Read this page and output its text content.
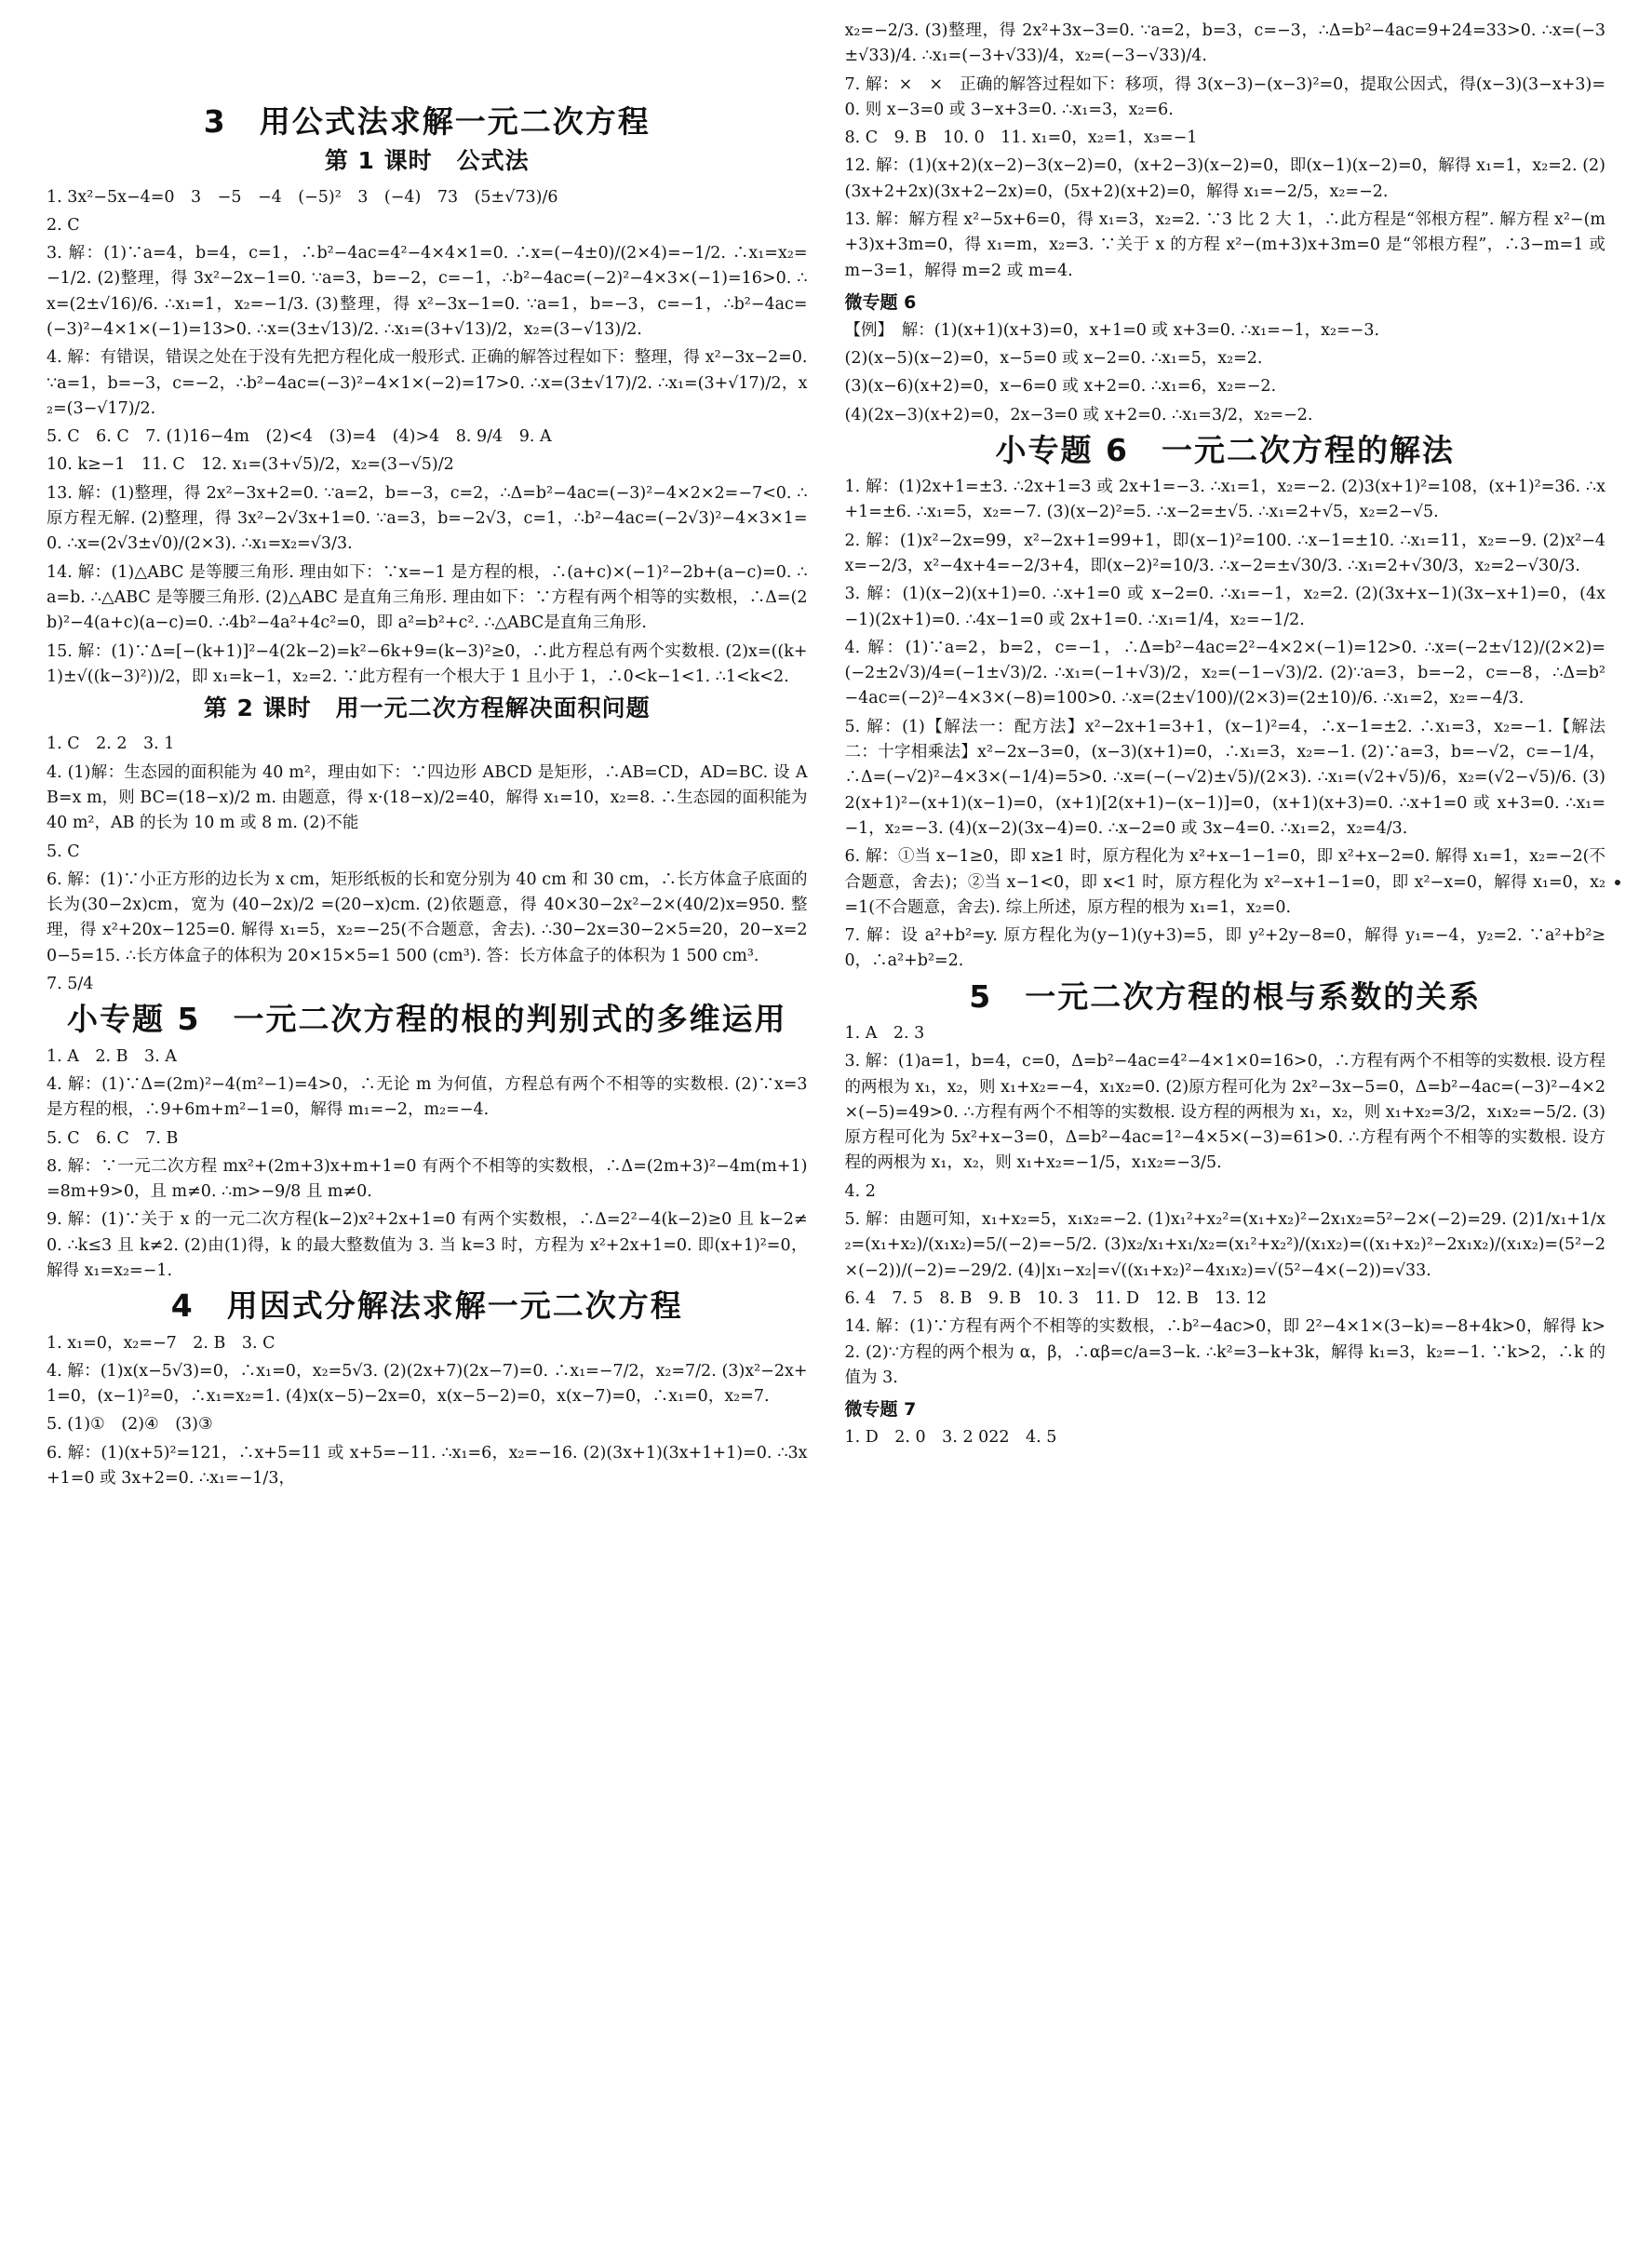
3　用公式法求解一元二次方程
第 1 课时　公式法

1. 3x²−5x−4=0　3　−5　−4　(−5)²　3　(−4)　73　(5±√73)/6

2. C

3. 解：(1)∵a=4，b=4，c=1，∴b²−4ac=4²−4×4×1=0. ∴x=(−4±0)/(2×4)=−1/2. ∴x₁=x₂=−1/2. (2)整理，得 3x²−2x−1=0. ∵a=3，b=−2，c=−1，∴b²−4ac=(−2)²−4×3×(−1)=16>0. ∴x=(2±√16)/6. ∴x₁=1，x₂=−1/3. (3)整理，得 x²−3x−1=0. ∵a=1，b=−3，c=−1，∴b²−4ac=(−3)²−4×1×(−1)=13>0. ∴x=(3±√13)/2. ∴x₁=(3+√13)/2，x₂=(3−√13)/2.

4. 解：有错误，错误之处在于没有先把方程化成一般形式. 正确的解答过程如下：整理，得 x²−3x−2=0. ∵a=1，b=−3，c=−2，∴b²−4ac=(−3)²−4×1×(−2)=17>0. ∴x=(3±√17)/2. ∴x₁=(3+√17)/2，x₂=(3−√17)/2.

5. C　6. C　7. (1)16−4m　(2)<4　(3)=4　(4)>4　8. 9/4　9. A

10. k≥−1　11. C　12. x₁=(3+√5)/2，x₂=(3−√5)/2

13. 解：(1)整理，得 2x²−3x+2=0. ∵a=2，b=−3，c=2，∴Δ=b²−4ac=(−3)²−4×2×2=−7<0. ∴原方程无解. (2)整理，得 3x²−2√3x+1=0. ∵a=3，b=−2√3，c=1，∴b²−4ac=(−2√3)²−4×3×1=0. ∴x=(2√3±√0)/(2×3). ∴x₁=x₂=√3/3.

14. 解：(1)△ABC 是等腰三角形. 理由如下：∵x=−1 是方程的根，∴(a+c)×(−1)²−2b+(a−c)=0. ∴a=b. ∴△ABC 是等腰三角形. (2)△ABC 是直角三角形. 理由如下：∵方程有两个相等的实数根，∴Δ=(2b)²−4(a+c)(a−c)=0. ∴4b²−4a²+4c²=0，即 a²=b²+c². ∴△ABC是直角三角形.

15. 解：(1)∵Δ=[−(k+1)]²−4(2k−2)=k²−6k+9=(k−3)²≥0，∴此方程总有两个实数根. (2)x=((k+1)±√((k−3)²))/2，即 x₁=k−1，x₂=2. ∵此方程有一个根大于 1 且小于 1，∴0<k−1<1. ∴1<k<2.

第 2 课时　用一元二次方程解决面积问题

1. C　2. 2　3. 1

4. (1)解：生态园的面积能为 40 m²，理由如下：∵四边形 ABCD 是矩形，∴AB=CD，AD=BC. 设 AB=x m，则 BC=(18−x)/2 m. 由题意，得 x·(18−x)/2=40，解得 x₁=10，x₂=8. ∴生态园的面积能为 40 m²，AB 的长为 10 m 或 8 m. (2)不能

5. C

6. 解：(1)∵小正方形的边长为 x cm，矩形纸板的长和宽分别为 40 cm 和 30 cm，∴长方体盒子底面的长为(30−2x)cm，宽为 (40−2x)/2 =(20−x)cm. (2)依题意，得 40×30−2x²−2×(40/2)x=950. 整理，得 x²+20x−125=0. 解得 x₁=5，x₂=−25(不合题意，舍去). ∴30−2x=30−2×5=20，20−x=20−5=15. ∴长方体盒子的体积为 20×15×5=1 500 (cm³). 答：长方体盒子的体积为 1 500 cm³.

7. 5/4

小专题 5　一元二次方程的根的判别式的多维运用

1. A　2. B　3. A

4. 解：(1)∵Δ=(2m)²−4(m²−1)=4>0，∴无论 m 为何值，方程总有两个不相等的实数根. (2)∵x=3 是方程的根，∴9+6m+m²−1=0，解得 m₁=−2，m₂=−4.

5. C　6. C　7. B

8. 解：∵一元二次方程 mx²+(2m+3)x+m+1=0 有两个不相等的实数根，∴Δ=(2m+3)²−4m(m+1)=8m+9>0，且 m≠0. ∴m>−9/8 且 m≠0.

9. 解：(1)∵关于 x 的一元二次方程(k−2)x²+2x+1=0 有两个实数根，∴Δ=2²−4(k−2)≥0 且 k−2≠0. ∴k≤3 且 k≠2. (2)由(1)得，k 的最大整数值为 3. 当 k=3 时，方程为 x²+2x+1=0. 即(x+1)²=0，解得 x₁=x₂=−1.

4　用因式分解法求解一元二次方程

1. x₁=0，x₂=−7　2. B　3. C

4. 解：(1)x(x−5√3)=0，∴x₁=0，x₂=5√3. (2)(2x+7)(2x−7)=0. ∴x₁=−7/2，x₂=7/2. (3)x²−2x+1=0，(x−1)²=0，∴x₁=x₂=1. (4)x(x−5)−2x=0，x(x−5−2)=0，x(x−7)=0，∴x₁=0，x₂=7.

5. (1)①　(2)④　(3)③

6. 解：(1)(x+5)²=121，∴x+5=11 或 x+5=−11. ∴x₁=6，x₂=−16. (2)(3x+1)(3x+1+1)=0. ∴3x+1=0 或 3x+2=0. ∴x₁=−1/3，

x₂=−2/3. (3)整理，得 2x²+3x−3=0. ∵a=2，b=3，c=−3，∴Δ=b²−4ac=9+24=33>0. ∴x=(−3±√33)/4. ∴x₁=(−3+√33)/4，x₂=(−3−√33)/4.

7. 解：×　×　正确的解答过程如下：移项，得 3(x−3)−(x−3)²=0，提取公因式，得(x−3)(3−x+3)=0. 则 x−3=0 或 3−x+3=0. ∴x₁=3，x₂=6.

8. C　9. B　10. 0　11. x₁=0，x₂=1，x₃=−1

12. 解：(1)(x+2)(x−2)−3(x−2)=0，(x+2−3)(x−2)=0，即(x−1)(x−2)=0，解得 x₁=1，x₂=2. (2)(3x+2+2x)(3x+2−2x)=0，(5x+2)(x+2)=0，解得 x₁=−2/5，x₂=−2.

13. 解：解方程 x²−5x+6=0，得 x₁=3，x₂=2. ∵3 比 2 大 1，∴此方程是“邻根方程”. 解方程 x²−(m+3)x+3m=0，得 x₁=m，x₂=3. ∵关于 x 的方程 x²−(m+3)x+3m=0 是“邻根方程”，∴3−m=1 或 m−3=1，解得 m=2 或 m=4.

微专题 6

【例】　解：(1)(x+1)(x+3)=0，x+1=0 或 x+3=0. ∴x₁=−1，x₂=−3.

(2)(x−5)(x−2)=0，x−5=0 或 x−2=0. ∴x₁=5，x₂=2.

(3)(x−6)(x+2)=0，x−6=0 或 x+2=0. ∴x₁=6，x₂=−2.

(4)(2x−3)(x+2)=0，2x−3=0 或 x+2=0. ∴x₁=3/2，x₂=−2.

小专题 6　一元二次方程的解法

1. 解：(1)2x+1=±3. ∴2x+1=3 或 2x+1=−3. ∴x₁=1，x₂=−2. (2)3(x+1)²=108，(x+1)²=36. ∴x+1=±6. ∴x₁=5，x₂=−7. (3)(x−2)²=5. ∴x−2=±√5. ∴x₁=2+√5，x₂=2−√5.

2. 解：(1)x²−2x=99，x²−2x+1=99+1，即(x−1)²=100. ∴x−1=±10. ∴x₁=11，x₂=−9. (2)x²−4x=−2/3，x²−4x+4=−2/3+4，即(x−2)²=10/3. ∴x−2=±√30/3. ∴x₁=2+√30/3，x₂=2−√30/3.

3. 解：(1)(x−2)(x+1)=0. ∴x+1=0 或 x−2=0. ∴x₁=−1，x₂=2. (2)(3x+x−1)(3x−x+1)=0，(4x−1)(2x+1)=0. ∴4x−1=0 或 2x+1=0. ∴x₁=1/4，x₂=−1/2.

4. 解：(1)∵a=2，b=2，c=−1，∴Δ=b²−4ac=2²−4×2×(−1)=12>0. ∴x=(−2±√12)/(2×2)=(−2±2√3)/4=(−1±√3)/2. ∴x₁=(−1+√3)/2，x₂=(−1−√3)/2. (2)∵a=3，b=−2，c=−8，∴Δ=b²−4ac=(−2)²−4×3×(−8)=100>0. ∴x=(2±√100)/(2×3)=(2±10)/6. ∴x₁=2，x₂=−4/3.

5. 解：(1)【解法一：配方法】x²−2x+1=3+1，(x−1)²=4，∴x−1=±2. ∴x₁=3，x₂=−1.【解法二：十字相乘法】x²−2x−3=0，(x−3)(x+1)=0，∴x₁=3，x₂=−1. (2)∵a=3，b=−√2，c=−1/4，∴Δ=(−√2)²−4×3×(−1/4)=5>0. ∴x=(−(−√2)±√5)/(2×3). ∴x₁=(√2+√5)/6，x₂=(√2−√5)/6. (3)2(x+1)²−(x+1)(x−1)=0，(x+1)[2(x+1)−(x−1)]=0，(x+1)(x+3)=0. ∴x+1=0 或 x+3=0. ∴x₁=−1，x₂=−3. (4)(x−2)(3x−4)=0. ∴x−2=0 或 3x−4=0. ∴x₁=2，x₂=4/3.

6. 解：①当 x−1≥0，即 x≥1 时，原方程化为 x²+x−1−1=0，即 x²+x−2=0. 解得 x₁=1，x₂=−2(不合题意，舍去)；②当 x−1<0，即 x<1 时，原方程化为 x²−x+1−1=0，即 x²−x=0，解得 x₁=0，x₂=1(不合题意，舍去). 综上所述，原方程的根为 x₁=1，x₂=0.

7. 解：设 a²+b²=y. 原方程化为(y−1)(y+3)=5，即 y²+2y−8=0，解得 y₁=−4，y₂=2. ∵a²+b²≥0，∴a²+b²=2.

5　一元二次方程的根与系数的关系

1. A　2. 3

3. 解：(1)a=1，b=4，c=0，Δ=b²−4ac=4²−4×1×0=16>0，∴方程有两个不相等的实数根. 设方程的两根为 x₁，x₂，则 x₁+x₂=−4，x₁x₂=0. (2)原方程可化为 2x²−3x−5=0，Δ=b²−4ac=(−3)²−4×2×(−5)=49>0. ∴方程有两个不相等的实数根. 设方程的两根为 x₁，x₂，则 x₁+x₂=3/2，x₁x₂=−5/2. (3)原方程可化为 5x²+x−3=0，Δ=b²−4ac=1²−4×5×(−3)=61>0. ∴方程有两个不相等的实数根. 设方程的两根为 x₁，x₂，则 x₁+x₂=−1/5，x₁x₂=−3/5.

4. 2

5. 解：由题可知，x₁+x₂=5，x₁x₂=−2. (1)x₁²+x₂²=(x₁+x₂)²−2x₁x₂=5²−2×(−2)=29. (2)1/x₁+1/x₂=(x₁+x₂)/(x₁x₂)=5/(−2)=−5/2. (3)x₂/x₁+x₁/x₂=(x₁²+x₂²)/(x₁x₂)=((x₁+x₂)²−2x₁x₂)/(x₁x₂)=(5²−2×(−2))/(−2)=−29/2. (4)|x₁−x₂|=√((x₁+x₂)²−4x₁x₂)=√(5²−4×(−2))=√33.

6. 4　7. 5　8. B　9. B　10. 3　11. D　12. B　13. 12

14. 解：(1)∵方程有两个不相等的实数根，∴b²−4ac>0，即 2²−4×1×(3−k)=−8+4k>0，解得 k>2. (2)∵方程的两个根为 α，β，∴αβ=c/a=3−k. ∴k²=3−k+3k，解得 k₁=3，k₂=−1. ∵k>2，∴k 的值为 3.

微专题 7

1. D　2. 0　3. 2 022　4. 5
